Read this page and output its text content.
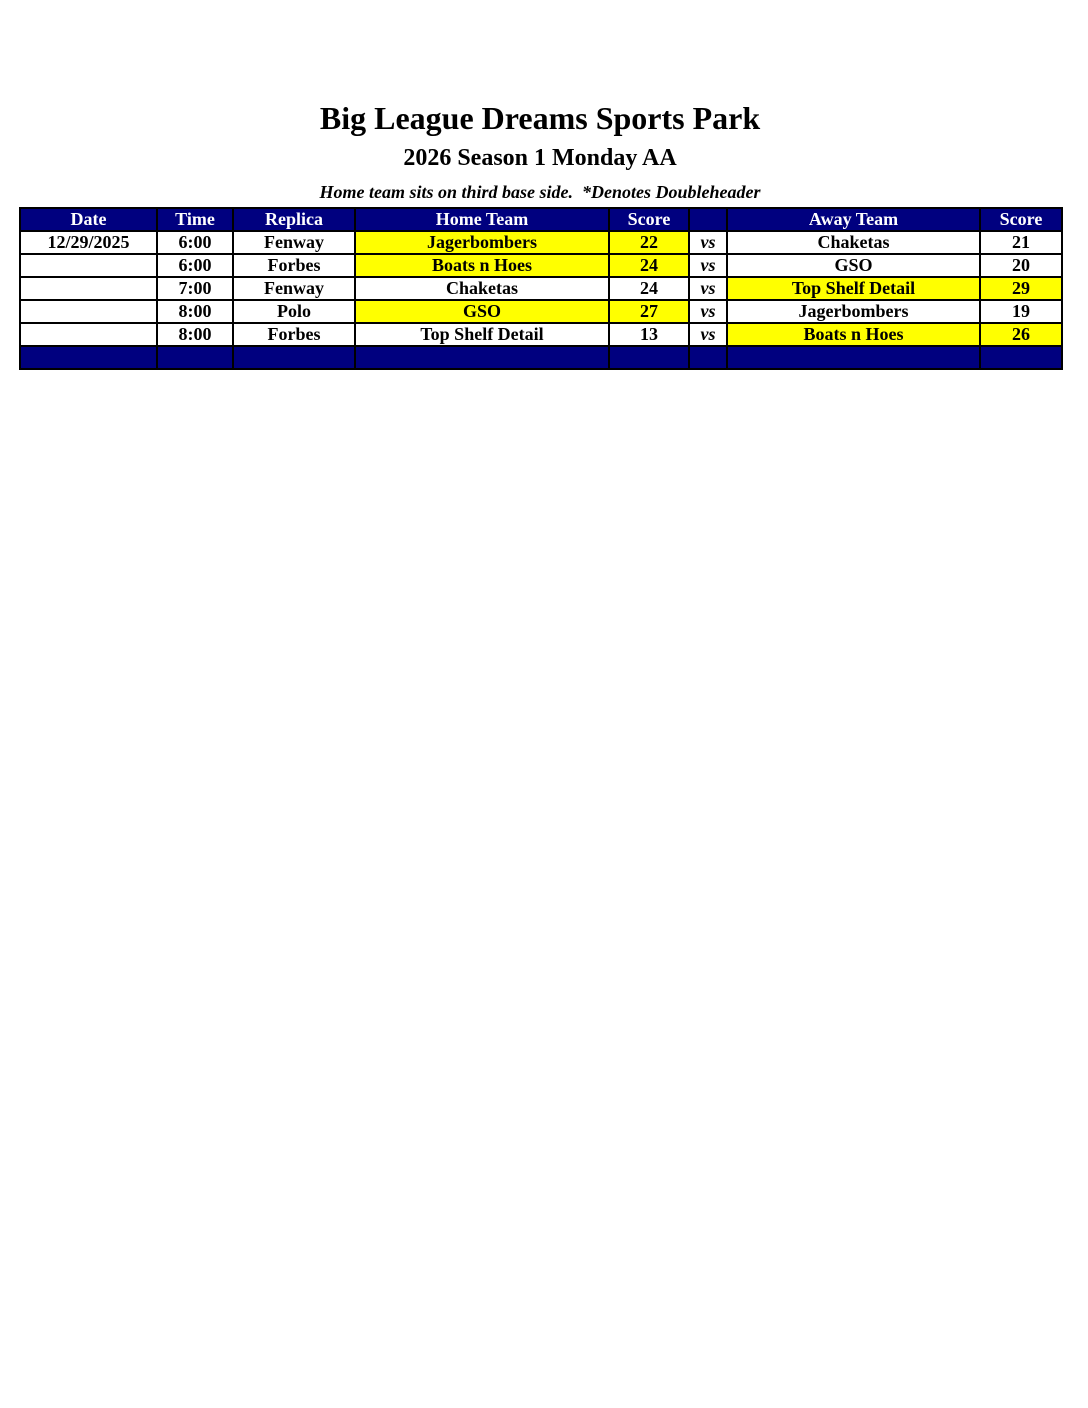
Big League Dreams Sports Park
2026 Season 1 Monday AA
Home team sits on third base side.  *Denotes Doubleheader
Date	Time	Replica	Home Team	Score		Away Team	Score
12/29/2025	6:00	Fenway	Jagerbombers	22	vs	Chaketas	21
	6:00	Forbes	Boats n Hoes	24	vs	GSO	20
	7:00	Fenway	Chaketas	24	vs	Top Shelf Detail	29
	8:00	Polo	GSO	27	vs	Jagerbombers	19
	8:00	Forbes	Top Shelf Detail	13	vs	Boats n Hoes	26
